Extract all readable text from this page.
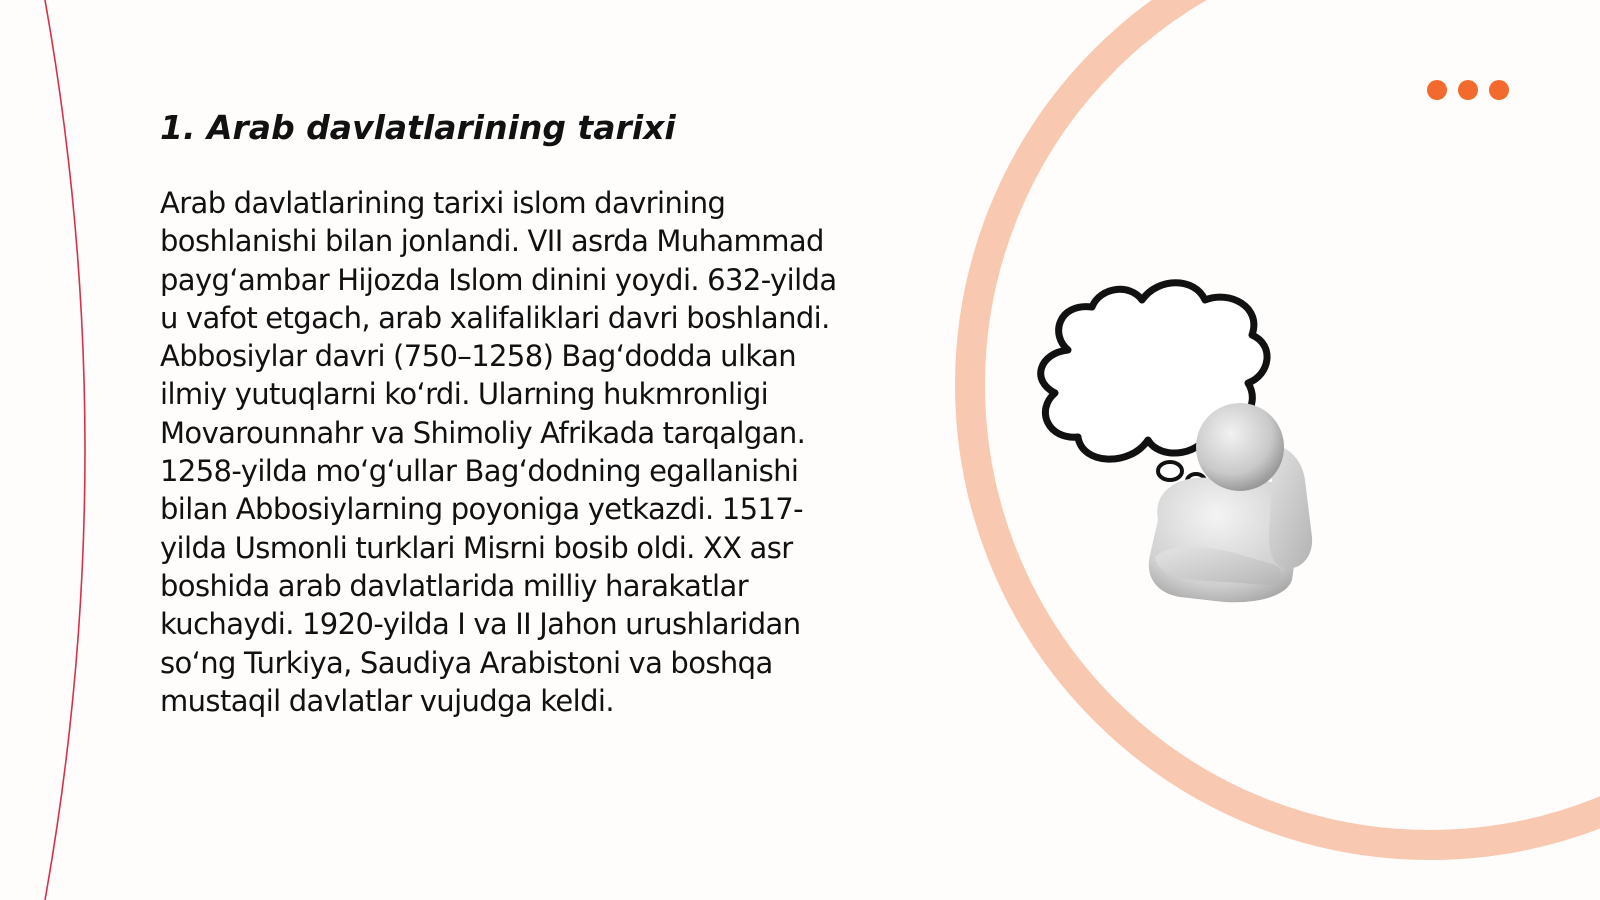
1. Arab davlatlarining tarixi

Arab davlatlarining tarixi islom davrining boshlanishi bilan jonlandi. VII asrda Muhammad payg‘ambar Hijozda Islom dinini yoydi. 632-yilda u vafot etgach, arab xalifaliklari davri boshlandi. Abbosiylar davri (750–1258) Bag‘dodda ulkan ilmiy yutuqlarni ko‘rdi. Ularning hukmronligi Movarounnahr va Shimoliy Afrikada tarqalgan. 1258-yilda mo‘g‘ullar Bag‘dodning egallanishi bilan Abbosiylarning poyoniga yetkazdi. 1517-yilda Usmonli turklari Misrni bosib oldi. XX asr boshida arab davlatlarida milliy harakatlar kuchaydi. 1920-yilda I va II Jahon urushlaridan so‘ng Turkiya, Saudiya Arabistoni va boshqa mustaqil davlatlar vujudga keldi.
